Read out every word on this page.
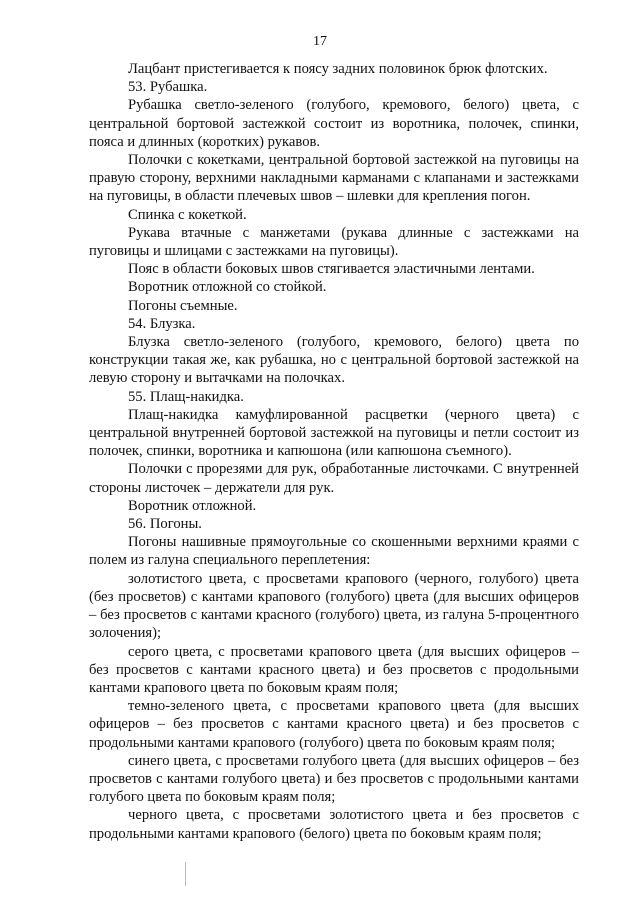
17

Лацбант пристегивается к поясу задних половинок брюк флотских.

53. Рубашка.

Рубашка светло-зеленого (голубого, кремового, белого) цвета, с центральной бортовой застежкой состоит из воротника, полочек, спинки, пояса и длинных (коротких) рукавов.

Полочки с кокетками, центральной бортовой застежкой на пуговицы на правую сторону, верхними накладными карманами с клапанами и застежками на пуговицы, в области плечевых швов – шлевки для крепления погон.

Спинка с кокеткой.

Рукава втачные с манжетами (рукава длинные с застежками на пуговицы и шлицами с застежками на пуговицы).

Пояс в области боковых швов стягивается эластичными лентами.

Воротник отложной со стойкой.

Погоны съемные.

54. Блузка.

Блузка светло-зеленого (голубого, кремового, белого) цвета по конструкции такая же, как рубашка, но с центральной бортовой застежкой на левую сторону и вытачками на полочках.

55. Плащ-накидка.

Плащ-накидка камуфлированной расцветки (черного цвета) с центральной внутренней бортовой застежкой на пуговицы и петли состоит из полочек, спинки, воротника и капюшона (или капюшона съемного).

Полочки с прорезями для рук, обработанные листочками. С внутренней стороны листочек – держатели для рук.

Воротник отложной.

56. Погоны.

Погоны нашивные прямоугольные со скошенными верхними краями с полем из галуна специального переплетения:

золотистого цвета, с просветами крапового (черного, голубого) цвета (без просветов) с кантами крапового (голубого) цвета (для высших офицеров – без просветов с кантами красного (голубого) цвета, из галуна 5-процентного золочения);

серого цвета, с просветами крапового цвета (для высших офицеров – без просветов с кантами красного цвета) и без просветов с продольными кантами крапового цвета по боковым краям поля;

темно-зеленого цвета, с просветами крапового цвета (для высших офицеров – без просветов с кантами красного цвета) и без просветов с продольными кантами крапового (голубого) цвета по боковым краям поля;

синего цвета, с просветами голубого цвета (для высших офицеров – без просветов с кантами голубого цвета) и без просветов с продольными кантами голубого цвета по боковым краям поля;

черного цвета, с просветами золотистого цвета и без просветов с продольными кантами крапового (белого) цвета по боковым краям поля;
